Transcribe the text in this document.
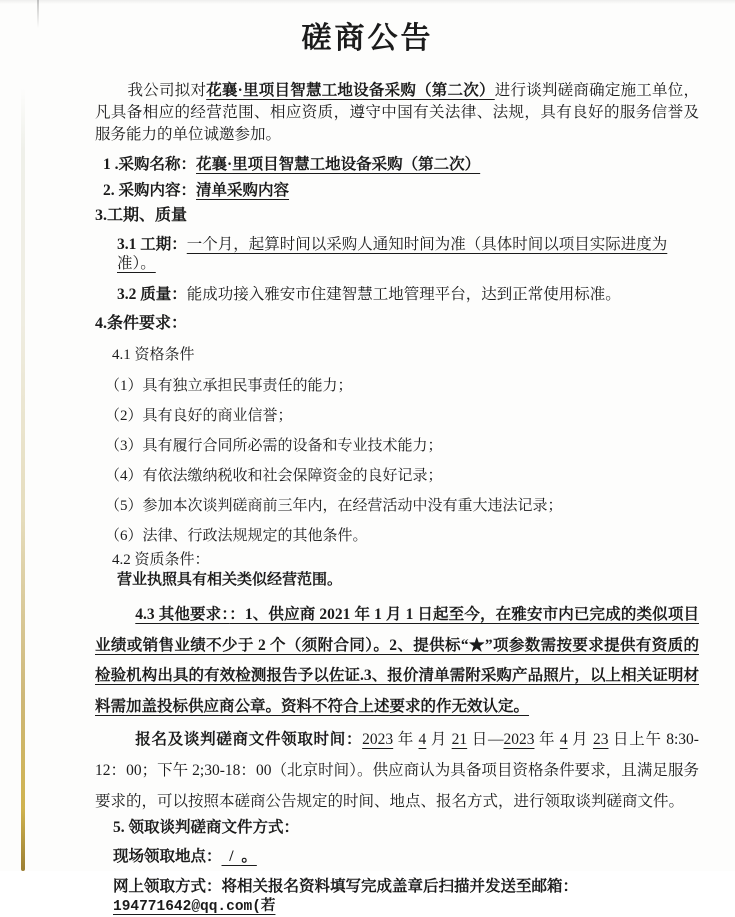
磋商公告
我公司拟对花襄·里项目智慧工地设备采购（第二次）进行谈判磋商确定施工单位，凡具备相应的经营范围、相应资质，遵守中国有关法律、法规，具有良好的服务信誉及服务能力的单位诚邀参加。
1 .采购名称：花襄·里项目智慧工地设备采购（第二次）
2. 采购内容：清单采购内容
3.工期、质量
3.1 工期：一个月，起算时间以采购人通知时间为准（具体时间以项目实际进度为准）。
3.2 质量：能成功接入雅安市住建智慧工地管理平台，达到正常使用标准。
4.条件要求：
4.1 资格条件
（1）具有独立承担民事责任的能力；
（2）具有良好的商业信誉；
（3）具有履行合同所必需的设备和专业技术能力；
（4）有依法缴纳税收和社会保障资金的良好记录；
（5）参加本次谈判磋商前三年内，在经营活动中没有重大违法记录；
（6）法律、行政法规规定的其他条件。
4.2 资质条件：
营业执照具有相关类似经营范围。
4.3 其他要求：：1、供应商 2021 年 1 月 1 日起至今，在雅安市内已完成的类似项目业绩或销售业绩不少于 2 个（须附合同）。2、提供标“★”项参数需按要求提供有资质的检验机构出具的有效检测报告予以佐证.3、报价清单需附采购产品照片，以上相关证明材料需加盖投标供应商公章。资料不符合上述要求的作无效认定。
报名及谈判磋商文件领取时间：2023 年 4 月 21 日—2023 年 4 月 23 日上午 8:30-12：00；下午 2;30-18：00（北京时间）。供应商认为具备项目资格条件要求，且满足服务要求的，可以按照本磋商公告规定的时间、地点、报名方式，进行领取谈判磋商文件。
5. 领取谈判磋商文件方式：
现场领取地点：  /  。
网上领取方式：将相关报名资料填写完成盖章后扫描并发送至邮箱：194771642@qq.com(若
